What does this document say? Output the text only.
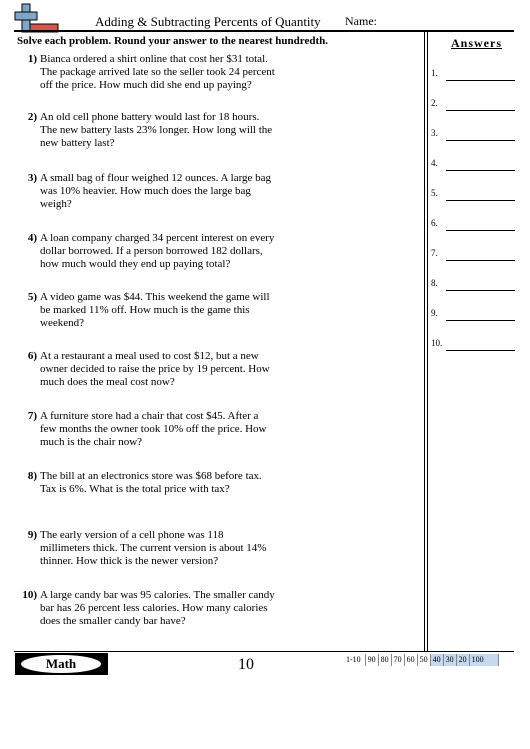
Adding & Subtracting Percents of Quantity Name:
Solve each problem. Round your answer to the nearest hundredth.	Answers
1.
2.
3.
4.
5.
6.
7.
8.
9.
10.
1) Bianca ordered a shirt online that cost her $31 total. The package arrived late so the seller took 24 percent off the price. How much did she end up paying?
2) An old cell phone battery would last for 18 hours. The new battery lasts 23% longer. How long will the new battery last?
3) A small bag of flour weighed 12 ounces. A large bag was 10% heavier. How much does the large bag weigh?
4) A loan company charged 34 percent interest on every dollar borrowed. If a person borrowed 182 dollars, how much would they end up paying total?
5) A video game was $44. This weekend the game will be marked 11% off. How much is the game this weekend?
6) At a restaurant a meal used to cost $12, but a new owner decided to raise the price by 19 percent. How much does the meal cost now?
7) A furniture store had a chair that cost $45. After a few months the owner took 10% off the price. How much is the chair now?
8) The bill at an electronics store was $68 before tax. Tax is 6%. What is the total price with tax?
9) The early version of a cell phone was 118 millimeters thick. The current version is about 14% thinner. How thick is the newer version?
10) A large candy bar was 95 calories. The smaller candy bar has 26 percent less calories. How many calories does the smaller candy bar have?
Math	10	1-10 90 80 70 60 50 40 30 20 100
